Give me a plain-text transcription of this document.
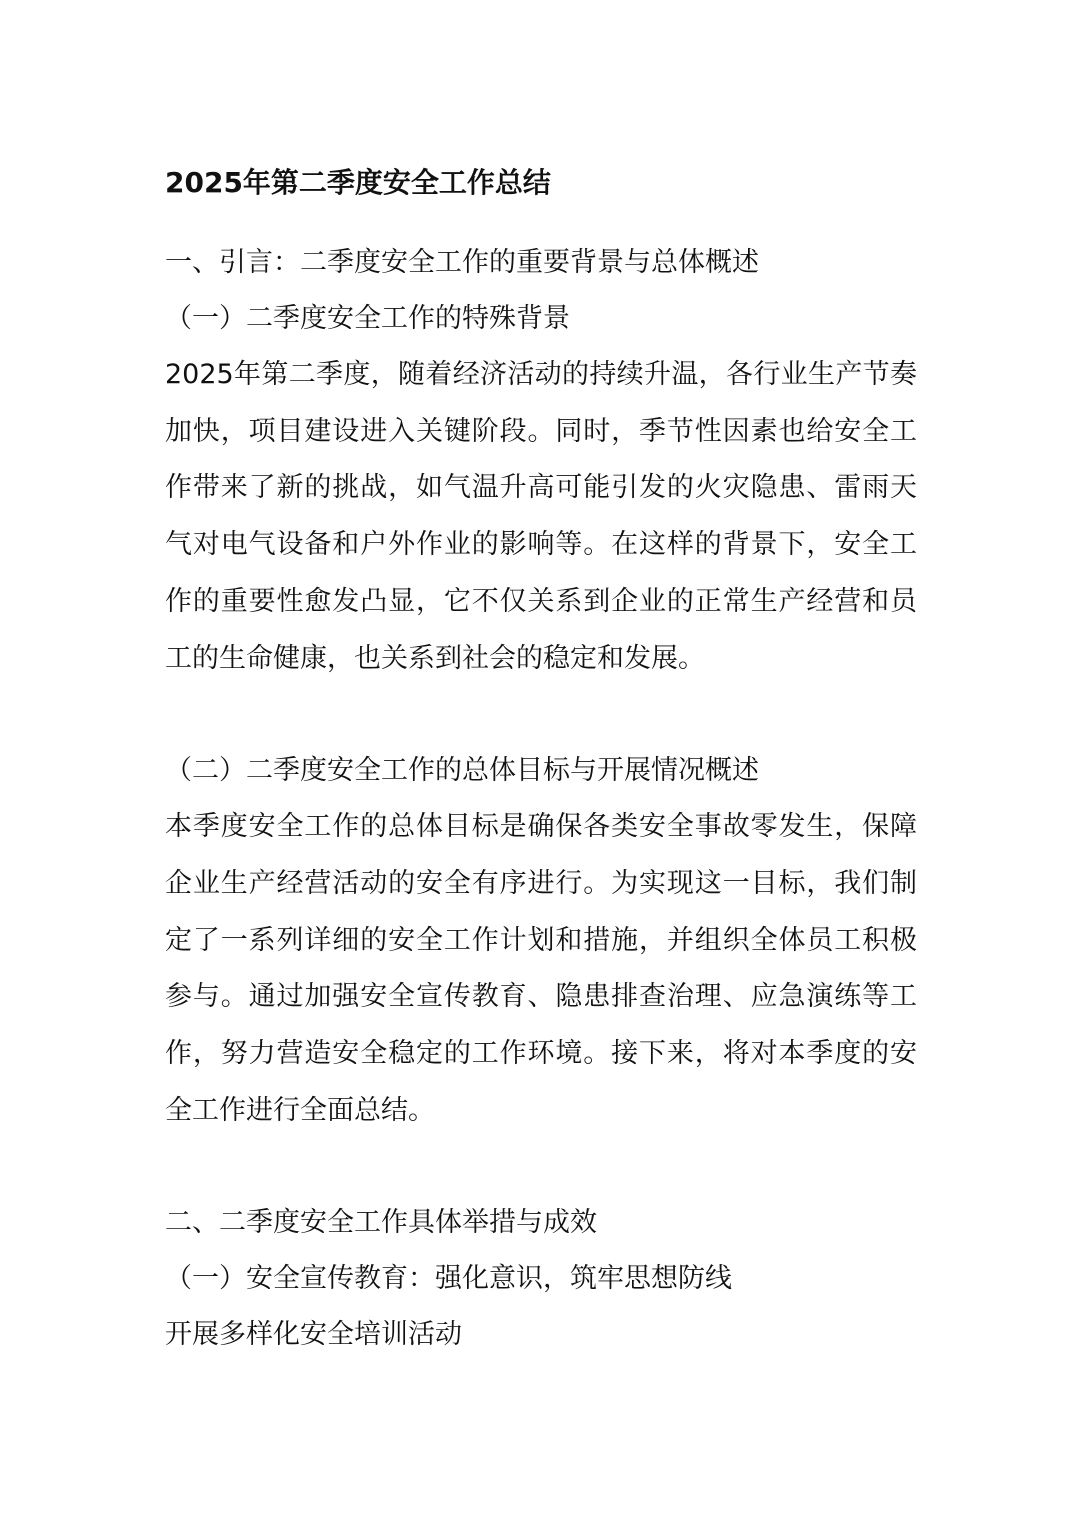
2025年第二季度安全工作总结
一、引言：二季度安全工作的重要背景与总体概述
（一）二季度安全工作的特殊背景

2025年第二季度，随着经济活动的持续升温，各行业生产节奏加快，项目建设进入关键阶段。同时，季节性因素也给安全工作带来了新的挑战，如气温升高可能引发的火灾隐患、雷雨天气对电气设备和户外作业的影响等。在这样的背景下，安全工作的重要性愈发凸显，它不仅关系到企业的正常生产经营和员工的生命健康，也关系到社会的稳定和发展。

（二）二季度安全工作的总体目标与开展情况概述

本季度安全工作的总体目标是确保各类安全事故零发生，保障企业生产经营活动的安全有序进行。为实现这一目标，我们制定了一系列详细的安全工作计划和措施，并组织全体员工积极参与。通过加强安全宣传教育、隐患排查治理、应急演练等工作，努力营造安全稳定的工作环境。接下来，将对本季度的安全工作进行全面总结。

二、二季度安全工作具体举措与成效
（一）安全宣传教育：强化意识，筑牢思想防线
开展多样化安全培训活动
